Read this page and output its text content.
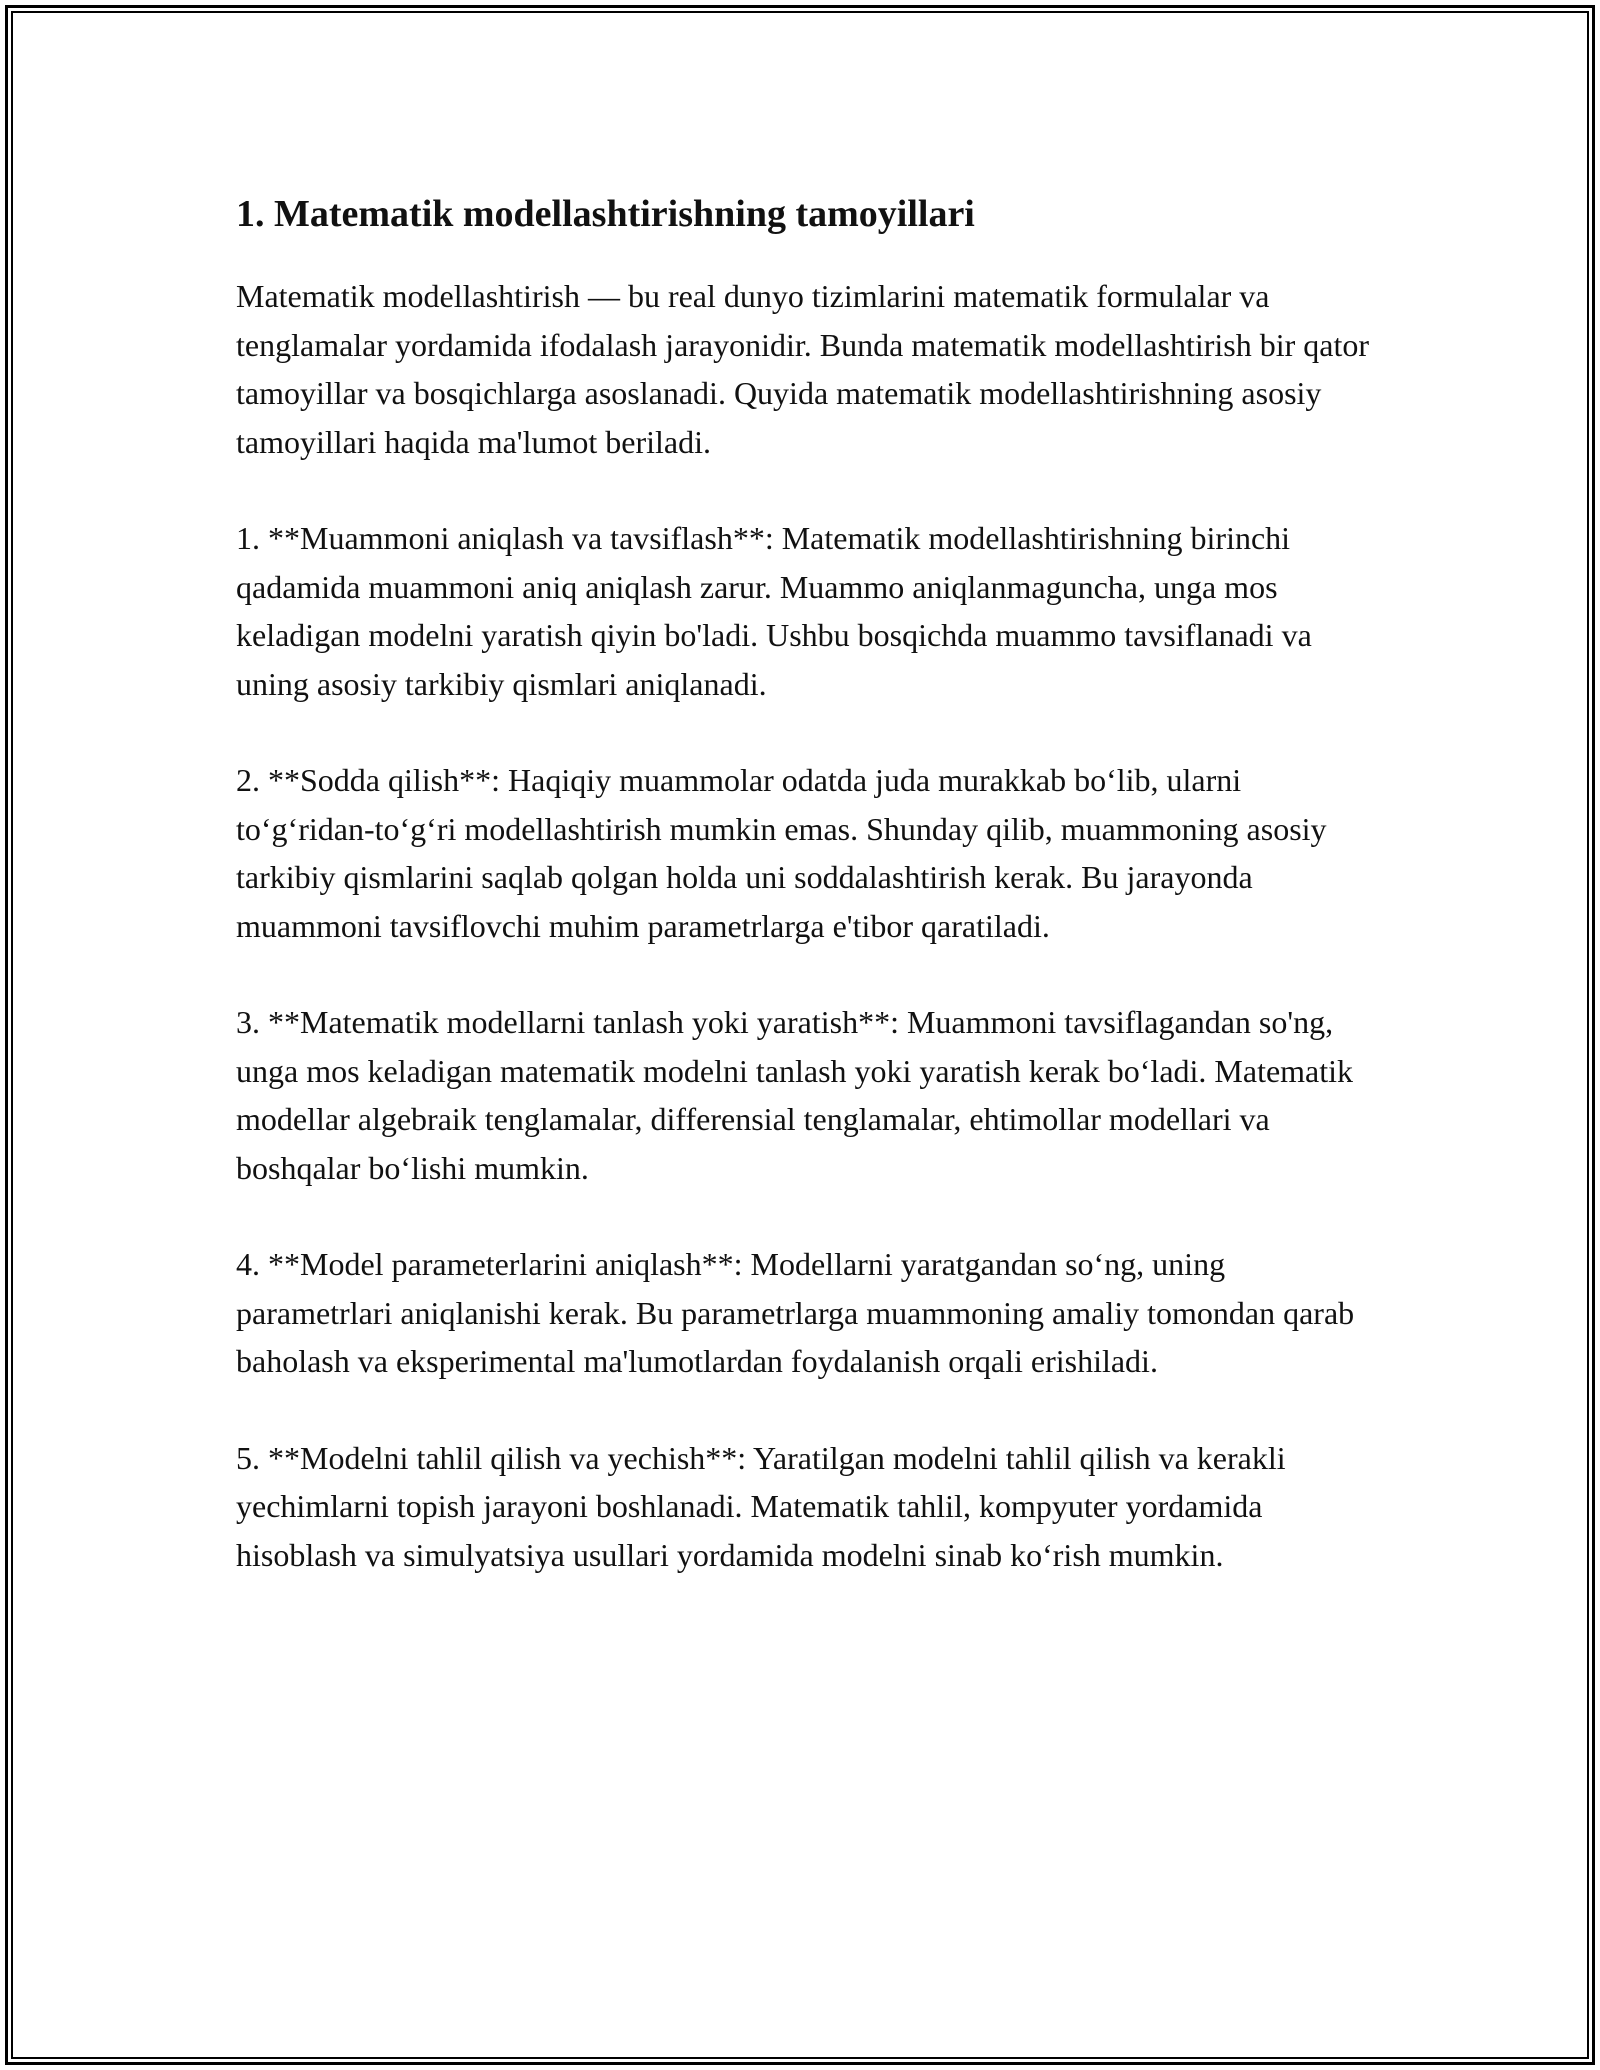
1. Matematik modellashtirishning tamoyillari

Matematik modellashtirish — bu real dunyo tizimlarini matematik formulalar va tenglamalar yordamida ifodalash jarayonidir. Bunda matematik modellashtirish bir qator tamoyillar va bosqichlarga asoslanadi. Quyida matematik modellashtirishning asosiy tamoyillari haqida ma'lumot beriladi.

1. **Muammoni aniqlash va tavsiflash**: Matematik modellashtirishning birinchi qadamida muammoni aniq aniqlash zarur. Muammo aniqlanmaguncha, unga mos keladigan modelni yaratish qiyin bo'ladi. Ushbu bosqichda muammo tavsiflanadi va uning asosiy tarkibiy qismlari aniqlanadi.

2. **Sodda qilish**: Haqiqiy muammolar odatda juda murakkab bo‘lib, ularni to‘g‘ridan-to‘g‘ri modellashtirish mumkin emas. Shunday qilib, muammoning asosiy tarkibiy qismlarini saqlab qolgan holda uni soddalashtirish kerak. Bu jarayonda muammoni tavsiflovchi muhim parametrlarga e'tibor qaratiladi.

3. **Matematik modellarni tanlash yoki yaratish**: Muammoni tavsiflagandan so'ng, unga mos keladigan matematik modelni tanlash yoki yaratish kerak bo‘ladi. Matematik modellar algebraik tenglamalar, differensial tenglamalar, ehtimollar modellari va boshqalar bo‘lishi mumkin.

4. **Model parameterlarini aniqlash**: Modellarni yaratgandan so‘ng, uning parametrlari aniqlanishi kerak. Bu parametrlarga muammoning amaliy tomondan qarab baholash va eksperimental ma'lumotlardan foydalanish orqali erishiladi.

5. **Modelni tahlil qilish va yechish**: Yaratilgan modelni tahlil qilish va kerakli yechimlarni topish jarayoni boshlanadi. Matematik tahlil, kompyuter yordamida hisoblash va simulyatsiya usullari yordamida modelni sinab ko‘rish mumkin.
